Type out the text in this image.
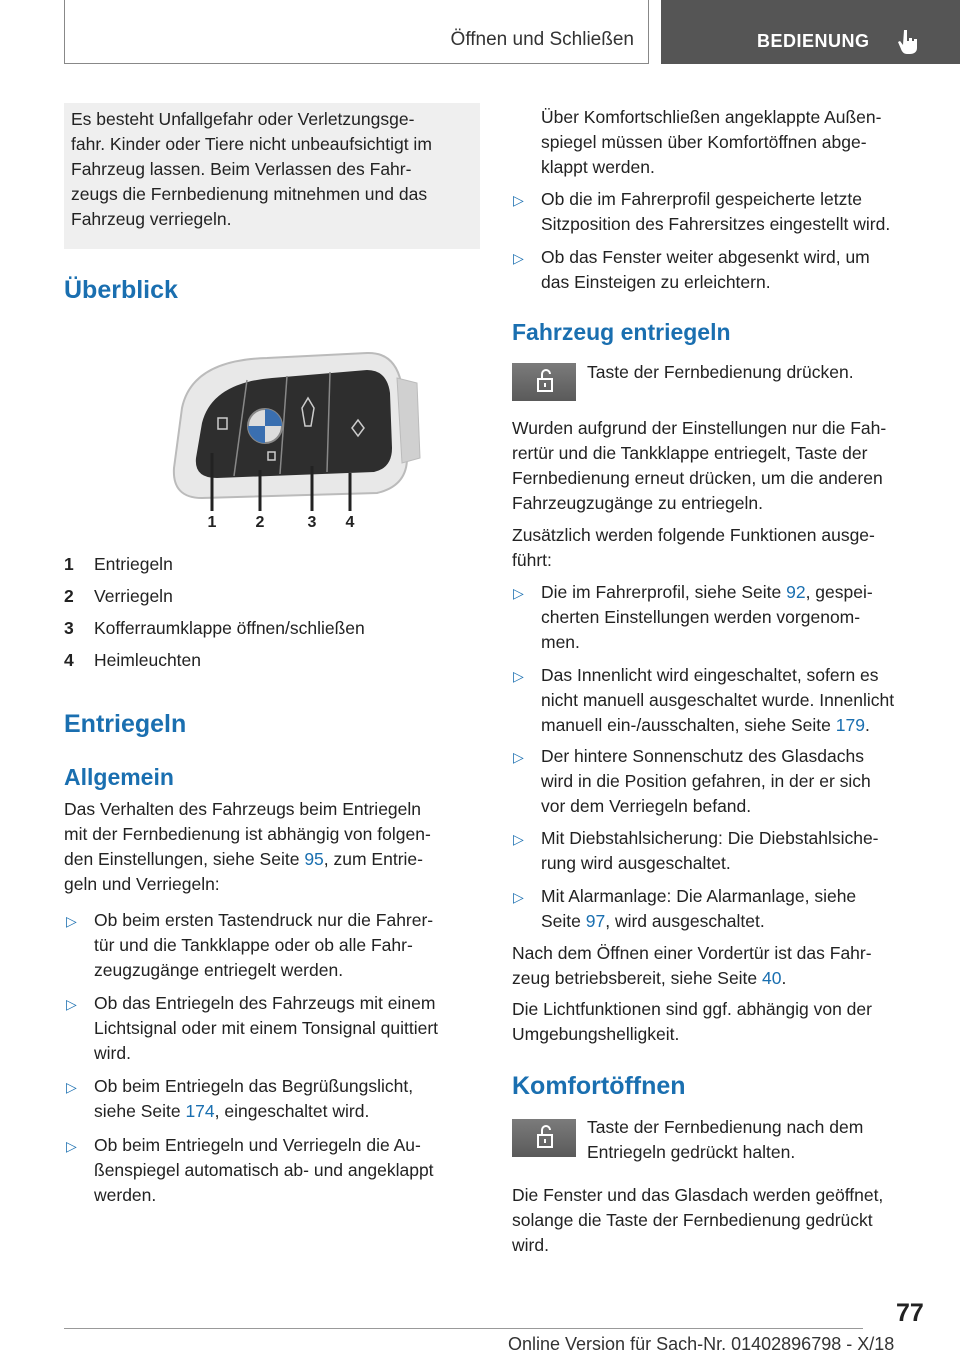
Öffnen und Schließen	BEDIENUNG
Es besteht Unfallgefahr oder Verletzungsge-
fahr. Kinder oder Tiere nicht unbeaufsichtigt im
Fahrzeug lassen. Beim Verlassen des Fahr-
zeugs die Fernbedienung mitnehmen und das
Fahrzeug verriegeln.
Überblick
1 2	3 4
1 Entriegeln
2 Verriegeln
3 Kofferraumklappe öffnen/schließen
4 Heimleuchten
Entriegeln
Allgemein
Das Verhalten des Fahrzeugs beim Entriegeln
mit der Fernbedienung ist abhängig von folgen-
den Einstellungen, siehe Seite 95, zum Entrie-
geln und Verriegeln:
▷ Ob beim ersten Tastendruck nur die Fahrer-
tür und die Tankklappe oder ob alle Fahr-
zeugzugänge entriegelt werden.
▷ Ob das Entriegeln des Fahrzeugs mit einem
Lichtsignal oder mit einem Tonsignal quittiert
wird.
▷ Ob beim Entriegeln das Begrüßungslicht,
siehe Seite 174, eingeschaltet wird.
▷ Ob beim Entriegeln und Verriegeln die Au-
ßenspiegel automatisch ab- und angeklappt
werden.
Über Komfortschließen angeklappte Außen-
spiegel müssen über Komfortöffnen abge-
klappt werden.
▷ Ob die im Fahrerprofil gespeicherte letzte
Sitzposition des Fahrersitzes eingestellt wird.
▷ Ob das Fenster weiter abgesenkt wird, um
das Einsteigen zu erleichtern.
Fahrzeug entriegeln
Taste der Fernbedienung drücken.
Wurden aufgrund der Einstellungen nur die Fah-
rertür und die Tankklappe entriegelt, Taste der
Fernbedienung erneut drücken, um die anderen
Fahrzeugzugänge zu entriegeln.
Zusätzlich werden folgende Funktionen ausge-
führt:
▷ Die im Fahrerprofil, siehe Seite 92, gespei-
cherten Einstellungen werden vorgenom-
men.
▷ Das Innenlicht wird eingeschaltet, sofern es
nicht manuell ausgeschaltet wurde. Innenlicht
manuell ein-/ausschalten, siehe Seite 179.
▷ Der hintere Sonnenschutz des Glasdachs
wird in die Position gefahren, in der er sich
vor dem Verriegeln befand.
▷ Mit Diebstahlsicherung: Die Diebstahlsiche-
rung wird ausgeschaltet.
▷ Mit Alarmanlage: Die Alarmanlage, siehe
Seite 97, wird ausgeschaltet.
Nach dem Öffnen einer Vordertür ist das Fahr-
zeug betriebsbereit, siehe Seite 40.
Die Lichtfunktionen sind ggf. abhängig von der
Umgebungshelligkeit.
Komfortöffnen
Taste der Fernbedienung nach dem
Entriegeln gedrückt halten.
Die Fenster und das Glasdach werden geöffnet,
solange die Taste der Fernbedienung gedrückt
wird.
77
Online Version für Sach-Nr. 01402896798 - X/18
